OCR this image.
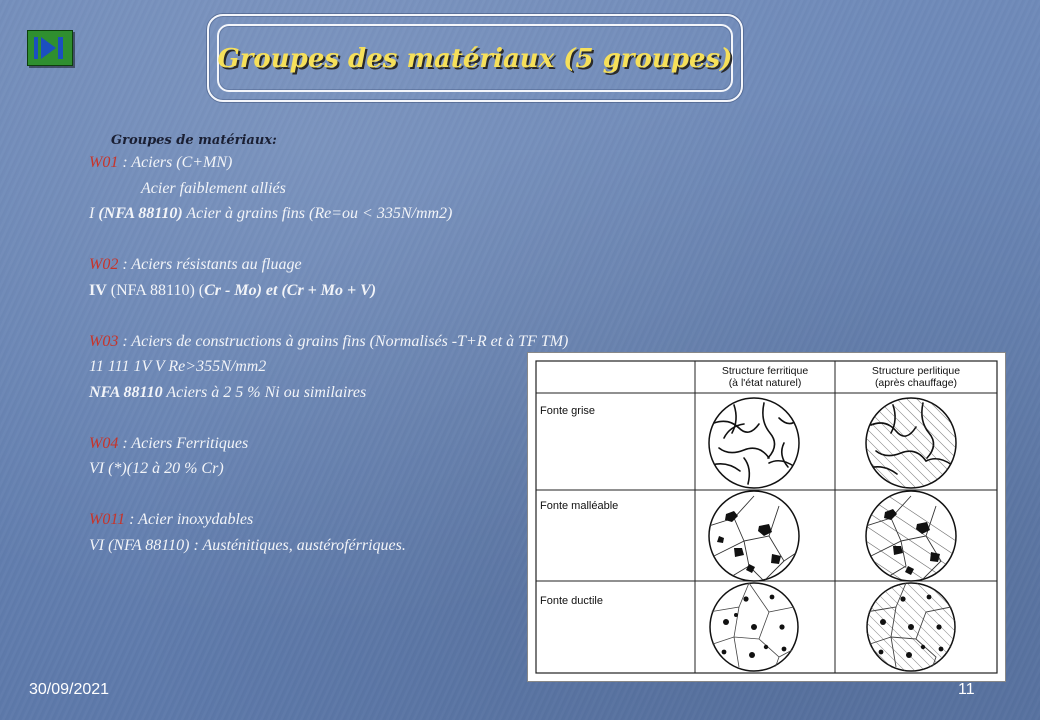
Groupes des matériaux (5 groupes)
Groupes de matériaux:
W01 : Aciers (C+MN)
Acier faiblement alliés
I (NFA 88110) Acier à grains fins (Re=ou < 335N/mm2)
W02 : Aciers résistants au fluage
IV (NFA 88110) (Cr - Mo) et (Cr + Mo + V)
W03 : Aciers de constructions à grains fins (Normalisés -T+R et à TF TM)
11 111 1V V Re>355N/mm2
NFA 88110 Aciers à 2 5 % Ni ou similaires
W04 : Aciers Ferritiques
VI (*)(12 à 20 % Cr)
W011 : Acier inoxydables
VI (NFA 88110) : Austénitiques, austéroférriques.
Structure ferritique
(à l'état naturel)
Structure perlitique
(après chauffage)
Fonte grise
Fonte malléable
Fonte ductile
30/09/2021	11
